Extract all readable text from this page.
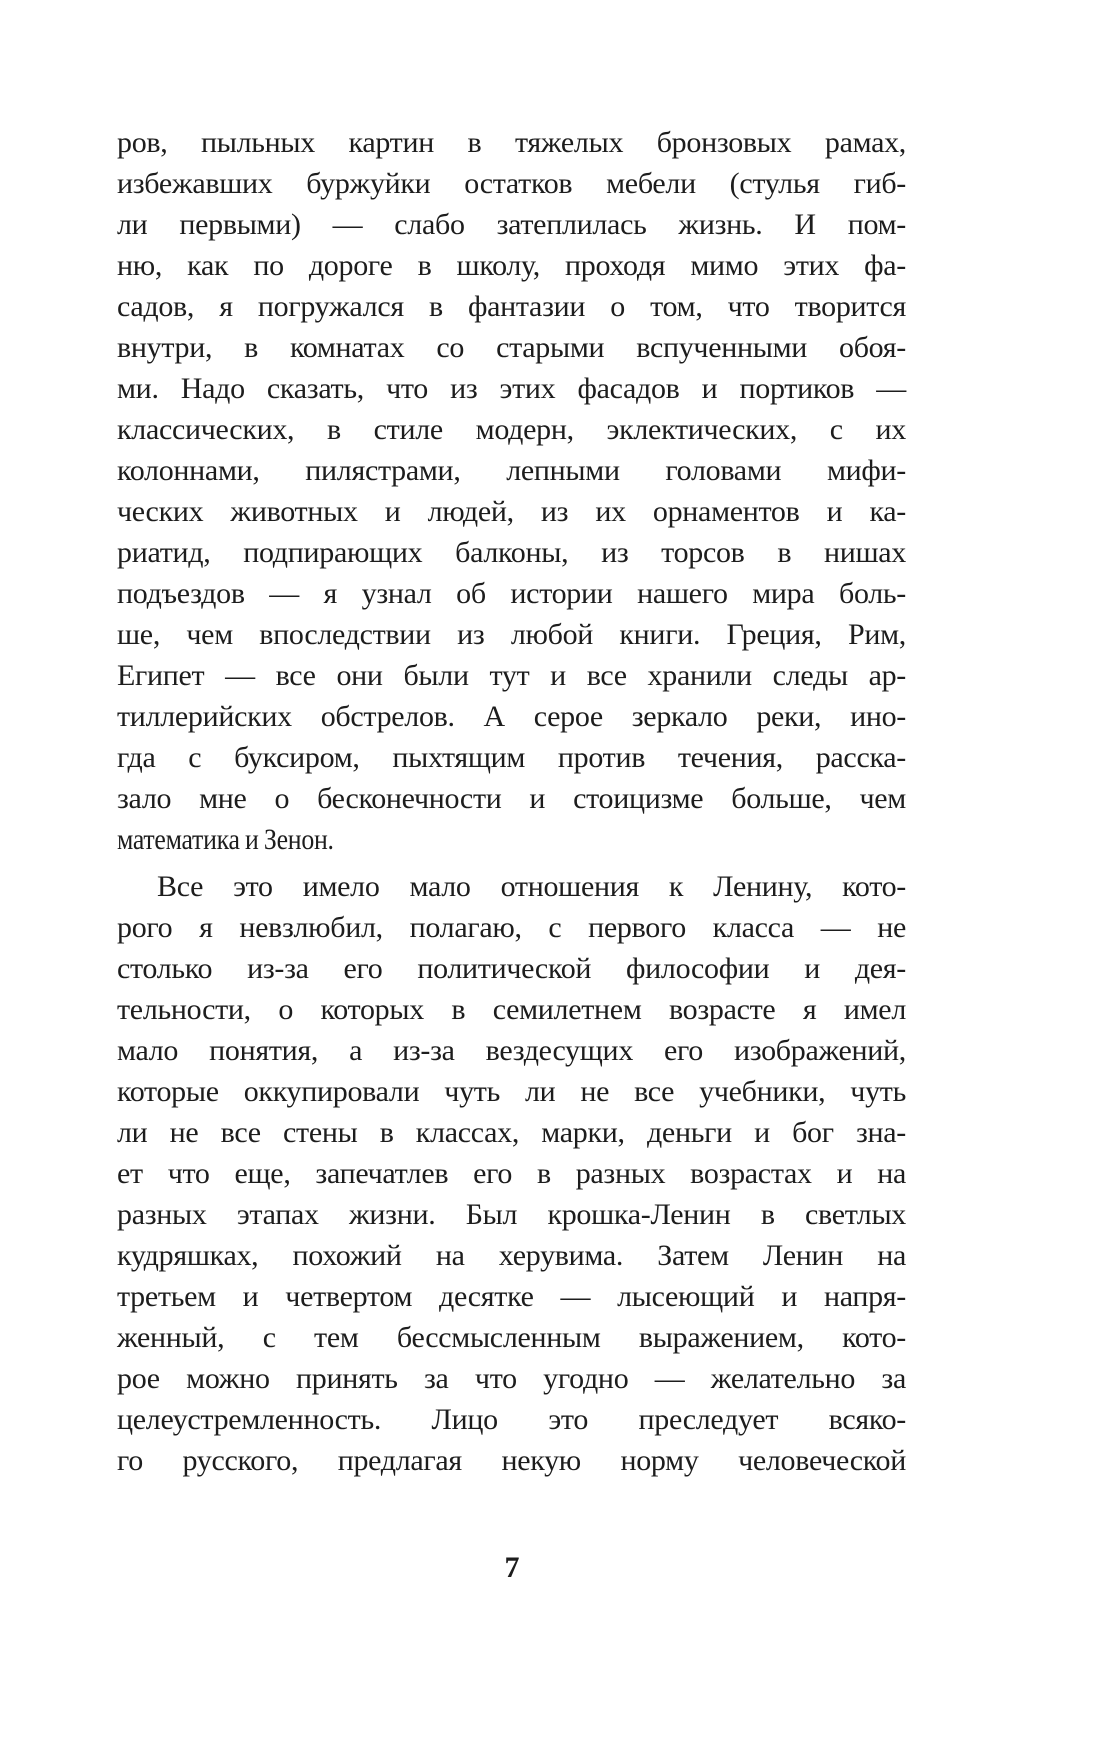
ров, пыльных картин в тяжелых бронзовых рамах,
избежавших буржуйки остатков мебели (стулья гиб-
ли первыми) — слабо затеплилась жизнь. И пом-
ню, как по дороге в школу, проходя мимо этих фа-
садов, я погружался в фантазии о том, что творится
внутри, в комнатах со старыми вспученными обоя-
ми. Надо сказать, что из этих фасадов и портиков —
классических, в стиле модерн, эклектических, с их
колоннами, пилястрами, лепными головами мифи-
ческих животных и людей, из их орнаментов и ка-
риатид, подпирающих балконы, из торсов в нишах
подъездов — я узнал об истории нашего мира боль-
ше, чем впоследствии из любой книги. Греция, Рим,
Египет — все они были тут и все хранили следы ар-
тиллерийских обстрелов. А серое зеркало реки, ино-
гда с буксиром, пыхтящим против течения, расска-
зало мне о бесконечности и стоицизме больше, чем
математика и Зенон.
Все это имело мало отношения к Ленину, кото-
рого я невзлюбил, полагаю, с первого класса — не
столько из-за его политической философии и дея-
тельности, о которых в семилетнем возрасте я имел
мало понятия, а из-за вездесущих его изображений,
которые оккупировали чуть ли не все учебники, чуть
ли не все стены в классах, марки, деньги и бог зна-
ет что еще, запечатлев его в разных возрастах и на
разных этапах жизни. Был крошка-Ленин в светлых
кудряшках, похожий на херувима. Затем Ленин на
третьем и четвертом десятке — лысеющий и напря-
женный, с тем бессмысленным выражением, кото-
рое можно принять за что угодно — желательно за
целеустремленность. Лицо это преследует всяко-
го русского, предлагая некую норму человеческой
7
